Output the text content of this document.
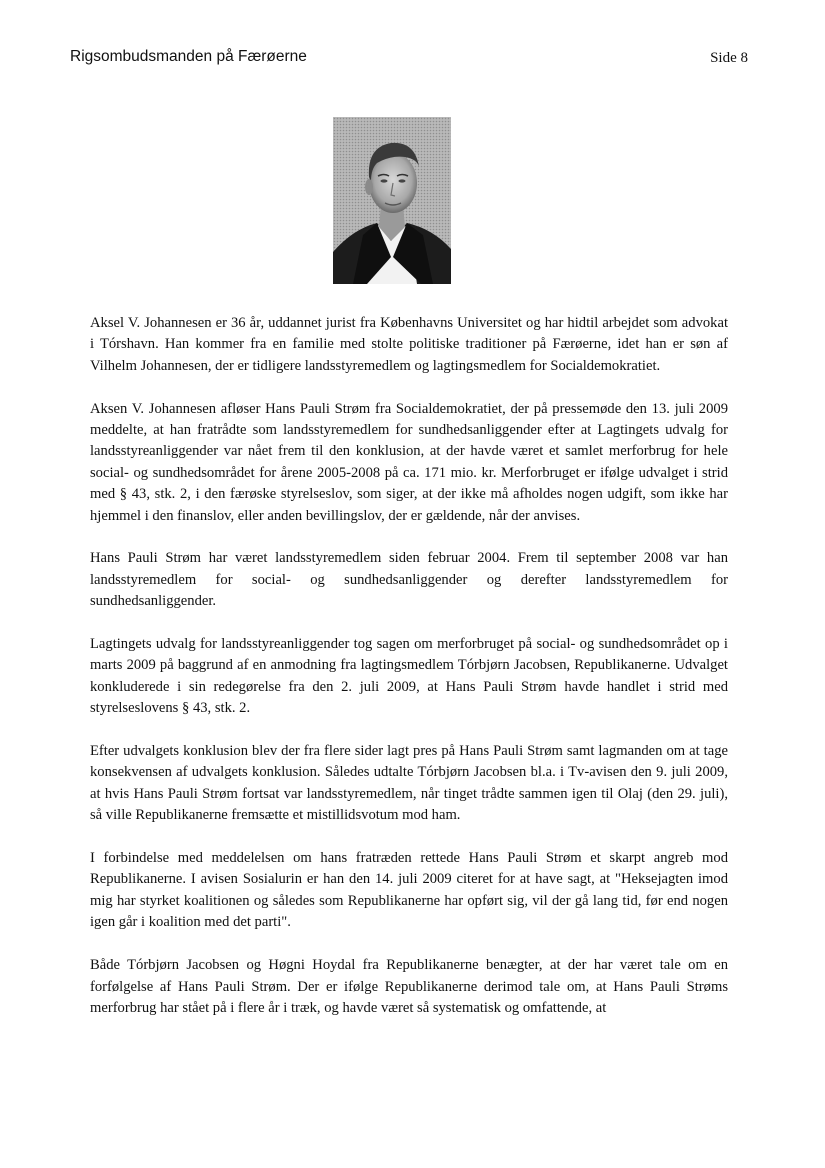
Rigsombudsmanden på Færøerne	Side 8

Aksel V. Johannesen er 36 år, uddannet jurist fra Københavns Universitet og har hidtil arbejdet som advokat i Tórshavn. Han kommer fra en familie med stolte politiske traditioner på Færøerne, idet han er søn af Vilhelm Johannesen, der er tidligere landsstyremedlem og lagtingsmedlem for Socialdemokratiet.

Aksen V. Johannesen afløser Hans Pauli Strøm fra Socialdemokratiet, der på pressemøde den 13. juli 2009 meddelte, at han fratrådte som landsstyremedlem for sundhedsanliggender efter at Lagtingets udvalg for landsstyreanliggender var nået frem til den konklusion, at der havde været et samlet merforbrug for hele social- og sundhedsområdet for årene 2005-2008 på ca. 171 mio. kr. Merforbruget er ifølge udvalget i strid med § 43, stk. 2, i den færøske styrelseslov, som siger, at der ikke må afholdes nogen udgift, som ikke har hjemmel i den finanslov, eller anden bevillingslov, der er gældende, når der anvises.

Hans Pauli Strøm har været landsstyremedlem siden februar 2004. Frem til september 2008 var han landsstyremedlem for social- og sundhedsanliggender og derefter landsstyremedlem for sundhedsanliggender.

Lagtingets udvalg for landsstyreanliggender tog sagen om merforbruget på social- og sundhedsområdet op i marts 2009 på baggrund af en anmodning fra lagtingsmedlem Tórbjørn Jacobsen, Republikanerne. Udvalget konkluderede i sin redegørelse fra den 2. juli 2009, at Hans Pauli Strøm havde handlet i strid med styrelseslovens § 43, stk. 2.

Efter udvalgets konklusion blev der fra flere sider lagt pres på Hans Pauli Strøm samt lagmanden om at tage konsekvensen af udvalgets konklusion. Således udtalte Tórbjørn Jacobsen bl.a. i Tv-avisen den 9. juli 2009, at hvis Hans Pauli Strøm fortsat var landsstyremedlem, når tinget trådte sammen igen til Olaj (den 29. juli), så ville Republikanerne fremsætte et mistillidsvotum mod ham.

I forbindelse med meddelelsen om hans fratræden rettede Hans Pauli Strøm et skarpt angreb mod Republikanerne. I avisen Sosialurin er han den 14. juli 2009 citeret for at have sagt, at "Heksejagten imod mig har styrket koalitionen og således som Republikanerne har opført sig, vil der gå lang tid, før end nogen igen går i koalition med det parti".

Både Tórbjørn Jacobsen og Høgni Hoydal fra Republikanerne benægter, at der har været tale om en forfølgelse af Hans Pauli Strøm. Der er ifølge Republikanerne derimod tale om, at Hans Pauli Strøms merforbrug har stået på i flere år i træk, og havde været så systematisk og omfattende, at
